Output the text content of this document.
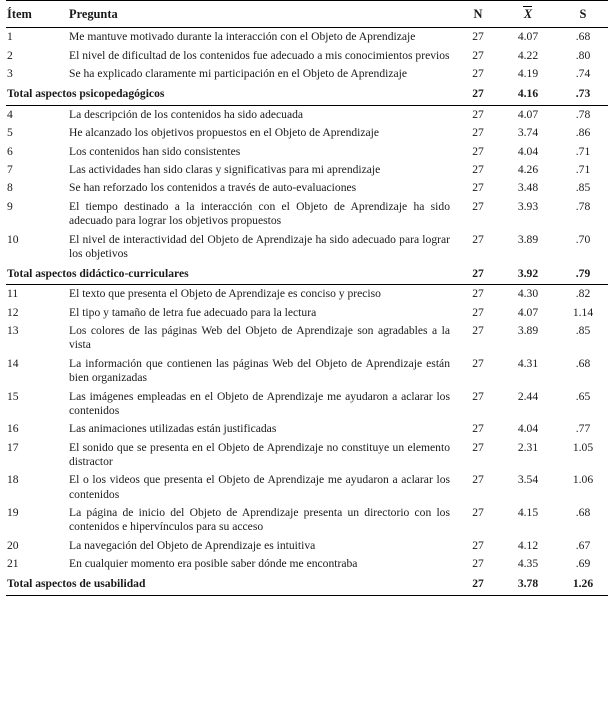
Ítem	Pregunta	N	X	S
1	Me mantuve motivado durante la interacción con el Objeto de Aprendizaje	27	4.07	.68
2	El nivel de dificultad de los contenidos fue adecuado a mis conocimientos previos	27	4.22	.80
3	Se ha explicado claramente mi participación en el Objeto de Aprendizaje	27	4.19	.74
Total aspectos psicopedagógicos		27	4.16	.73
4	La descripción de los contenidos ha sido adecuada	27	4.07	.78
5	He alcanzado los objetivos propuestos en el Objeto de Aprendizaje	27	3.74	.86
6	Los contenidos han sido consistentes	27	4.04	.71
7	Las actividades han sido claras y significativas para mi aprendizaje	27	4.26	.71
8	Se han reforzado los contenidos a través de auto-evaluaciones	27	3.48	.85
9	El tiempo destinado a la interacción con el Objeto de Aprendizaje ha sido adecuado para lograr los objetivos propuestos	27	3.93	.78
10	El nivel de interactividad del Objeto de Aprendizaje ha sido adecuado para lograr los objetivos	27	3.89	.70
Total aspectos didáctico-curriculares		27	3.92	.79
11	El texto que presenta el Objeto de Aprendizaje es conciso y preciso	27	4.30	.82
12	El tipo y tamaño de letra fue adecuado para la lectura	27	4.07	1.14
13	Los colores de las páginas Web del Objeto de Aprendizaje son agradables a la vista	27	3.89	.85
14	La información que contienen las páginas Web del Objeto de Aprendizaje están bien organizadas	27	4.31	.68
15	Las imágenes empleadas en el Objeto de Aprendizaje me ayudaron a aclarar los contenidos	27	2.44	.65
16	Las animaciones utilizadas están justificadas	27	4.04	.77
17	El sonido que se presenta en el Objeto de Aprendizaje no constituye un elemento distractor	27	2.31	1.05
18	El o los videos que presenta el Objeto de Aprendizaje me ayudaron a aclarar los contenidos	27	3.54	1.06
19	La página de inicio del Objeto de Aprendizaje presenta un directorio con los contenidos e hipervínculos para su acceso	27	4.15	.68
20	La navegación del Objeto de Aprendizaje es intuitiva	27	4.12	.67
21	En cualquier momento era posible saber dónde me encontraba	27	4.35	.69
Total aspectos de usabilidad		27	3.78	1.26
